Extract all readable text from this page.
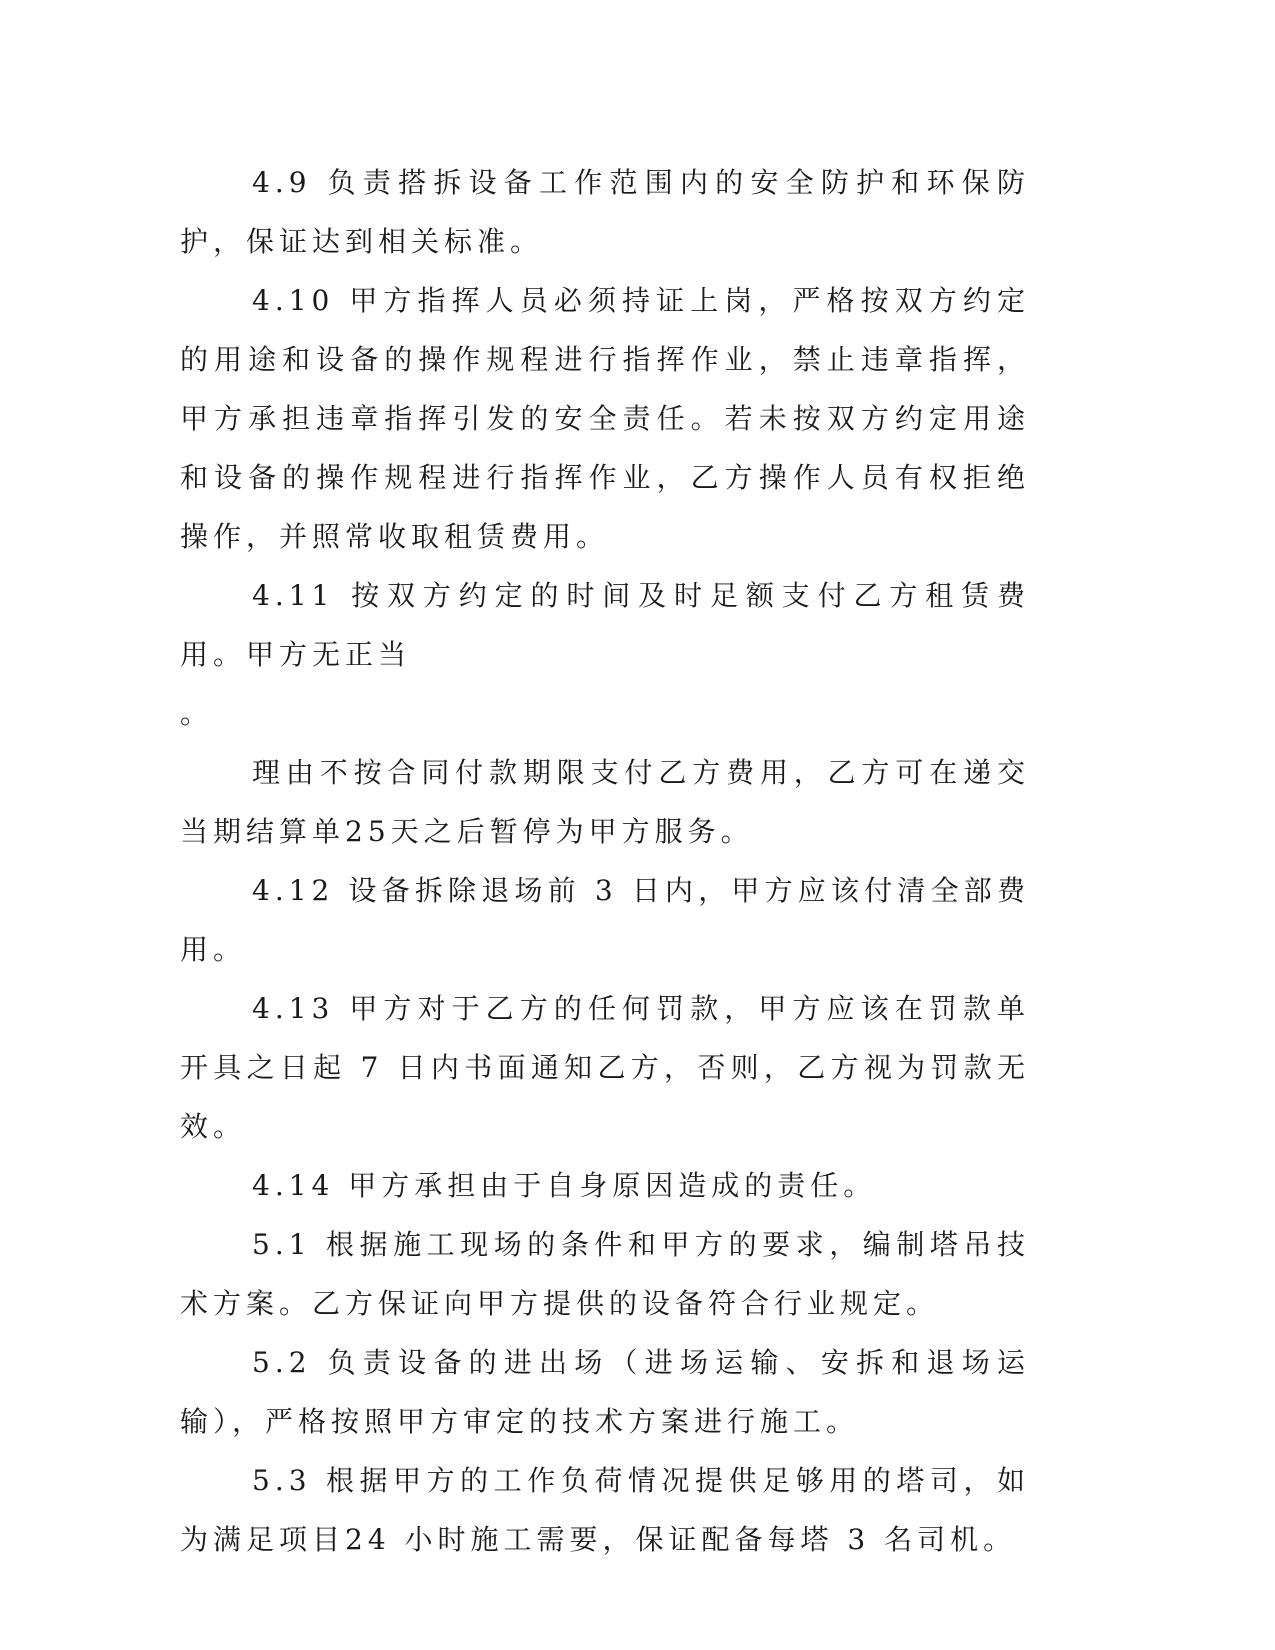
4.9 负责搭拆设备工作范围内的安全防护和环保防护，保证达到相关标准。

4.10 甲方指挥人员必须持证上岗，严格按双方约定的用途和设备的操作规程进行指挥作业，禁止违章指挥，甲方承担违章指挥引发的安全责任。若未按双方约定用途和设备的操作规程进行指挥作业，乙方操作人员有权拒绝操作，并照常收取租赁费用。

4.11 按双方约定的时间及时足额支付乙方租赁费用。甲方无正当

。

理由不按合同付款期限支付乙方费用，乙方可在递交当期结算单25天之后暂停为甲方服务。

4.12 设备拆除退场前 3 日内，甲方应该付清全部费用。

4.13 甲方对于乙方的任何罚款，甲方应该在罚款单开具之日起 7 日内书面通知乙方，否则，乙方视为罚款无效。

4.14 甲方承担由于自身原因造成的责任。

5.1 根据施工现场的条件和甲方的要求，编制塔吊技术方案。乙方保证向甲方提供的设备符合行业规定。

5.2 负责设备的进出场（进场运输、安拆和退场运输），严格按照甲方审定的技术方案进行施工。

5.3 根据甲方的工作负荷情况提供足够用的塔司，如为满足项目24 小时施工需要，保证配备每塔 3 名司机。
